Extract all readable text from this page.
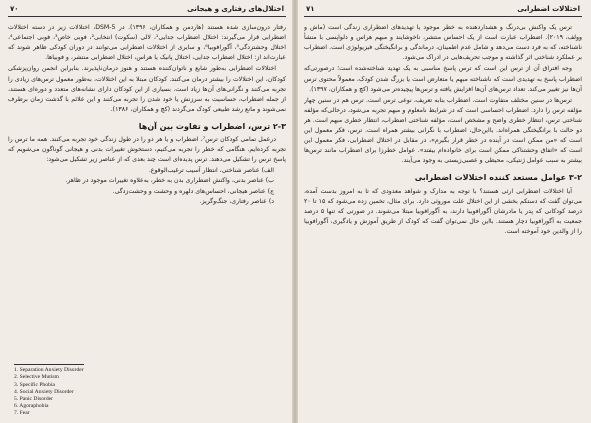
اختلال‌های رفتاری و هیجانی
۷۰

رفتار درون‌سازی شده هستند (هاردمن و همکاران، ۱۳۹۶). در DSM-5، اختلالات زیر در دسته اختلالات اضطرابی قرار می‌گیرند: اختلال اضطراب جدایی¹، لالی (سکوت) انتخابی²، فوبی خاص³، فوبی اجتماعی⁴، اختلال وحشتزدگی⁵، آگورافوبیا⁶، و سایری از اختلالات اضطرابی می‌توانند در دوران کودکی ظاهر شوند که عبارت‌اند از: اختلال اضطراب جدایی، اختلال پانیک یا هراس، اختلال اضطرابی منتشر، و فوبیاها.

اختلالات اضطرابی به‌طور شایع و ناتوان‌کننده هستند و هنوز درمان‌ناپذیرند. بنابراین انجمن روان‌پزشکی کودکان، این اختلالات را بیشتر درمان می‌کنند. کودکان مبتلا به این اختلالات، به‌طور معمول ترس‌های زیادی را تجربه می‌کنند و نگرانی‌های آن‌ها زیاد است. بسیاری از این کودکان دارای نشانه‌های متعدد و دوره‌ای هستند، از جمله اضطراب، حساسیت به سرزنش یا خود شدن را تجربه می‌کنند و این علائم با گذشت زمان برطرف نمی‌شوند و مانع رشد طبیعی کودک می‌گردند (کچ و همکاران، ۱۳۸۶).

۲-۳ ترس، اضطراب و تفاوت بین آن‌ها

درعمل تمامی کودکان ترس⁷، اضطراب و یا هر دو را در طول زندگی خود تجربه می‌کنند. همه ما ترس را تجربه کرده‌ایم. هنگامی که خطر را تجربه می‌کنیم، دستخوش تغییرات بدنی و هیجانی گوناگون می‌شویم که پاسخ ترس را تشکیل می‌دهند. ترس پدیده‌ای است چند بعدی که از عناصر زیر تشکیل می‌شود:

الف) عناصر شناختی، انتظار آسیب ترغیب‌الوقوع.
ب) عناصر بدنی، واکنش اضطراری بدن به خطر، به‌علاوه تغییرات موجود در ظاهر.
ج) عناصر هیجانی، احساس‌های دلهره و وحشت و وحشت‌زدگی.
د) عناصر رفتاری، جنگ‌وگریز.
1. Separation Anxiety Disorder
2. Selective Mutism
3. Specific Phobia
4. Social Anxiety Disorder
5. Panic Disorder
6. Agoraphobia
7. Fear
اختلالات اضطرابی
۷۱

ترس یک واکنش بی‌درنگ و هشداردهنده به خطر موجود یا تهدیدهای اضطراری زندگی است (ماش و وولف، ۲۰۱۹). اضطراب عبارت است از یک احساس منتشر، ناخوشایند و مبهم هراس و دلواپسی با منشأ ناشناخته، که به فرد دست می‌دهد و شامل عدم اطمینان، درماندگی و برانگیختگی فیزیولوژی است. اضطراب بر عملکرد شناختی اثر گذاشته و موجب تحریف‌هایی در ادراک می‌شود.

وجه افتراق آن از ترس این است که ترس پاسخ مناسبی به یک تهدید شناخته‌شده است؛ درصورتی‌که اضطراب پاسخ به تهدیدی است که ناشناخته مبهم یا متعارض است یا بزرگ شدن کودک، معمولاً محتوی ترس آن‌ها نیز تغییر می‌کند. تعداد ترس‌های آن‌ها افزایش یافته و ترس‌ها پیچیده‌تر می‌شود (کچ و همکاران، ۱۳۹۷).

ترس‌ها در سنین مختلف متفاوت است. اضطراب بنابه تعریف، نوعی ترس است. ترس هم در سنین چهار مؤلفه ترس را دارد. اضطراب احساسی است که در شرایط نامعلوم و مبهم تجربه می‌شود، درحالی‌که مؤلفه شناختی ترس، انتظار خطری واضح و مشخص است، مؤلفه شناختی اضطراب، انتظار خطری مبهم است. هر دو حالت با برانگیختگی همراه‌اند. بااین‌حال، اضطراب با نگرانی بیشتر همراه است. ترس، فکر معمول این است که «من ممکن است در آینده در خطر قرار بگیرم»، در مقابل در اختلال اضطرابی، فکر معمول این است که «اتفاق وحشتناکی ممکن است برای خانواده‌ام بیفتد». عوامل خطرزا برای اضطراب مانند ترس‌ها بیشتر به سبب عوامل ژنتیکی، محیطی و عصبی‌زیستی به وجود می‌آیند.

۳-۲ عوامل مستعد کننده اختلالات اضطرابی

آیا اختلالات اضطرابی ارثی هستند؟ با توجه به مدارک و شواهد معدودی که تا به امروز بدست آمده، می‌توان گفت که دستکم بخشی از این اختلال علت موروثی دارد. برای مثال، تخمین زده می‌شود که ۱۵ تا ۲۰ درصد کودکانی که پدر یا مادرشان آگورافوبیا دارند، به آگورافوبیا مبتلا می‌شوند. در صورتی که تنها ۵ درصد جمعیت به آگورافوبیا دچار هستند. بااین حال نمی‌توان گفت که کودک از طریق آموزش و یادگیری، آگورافوبیا را از والدین خود آموخته است.
